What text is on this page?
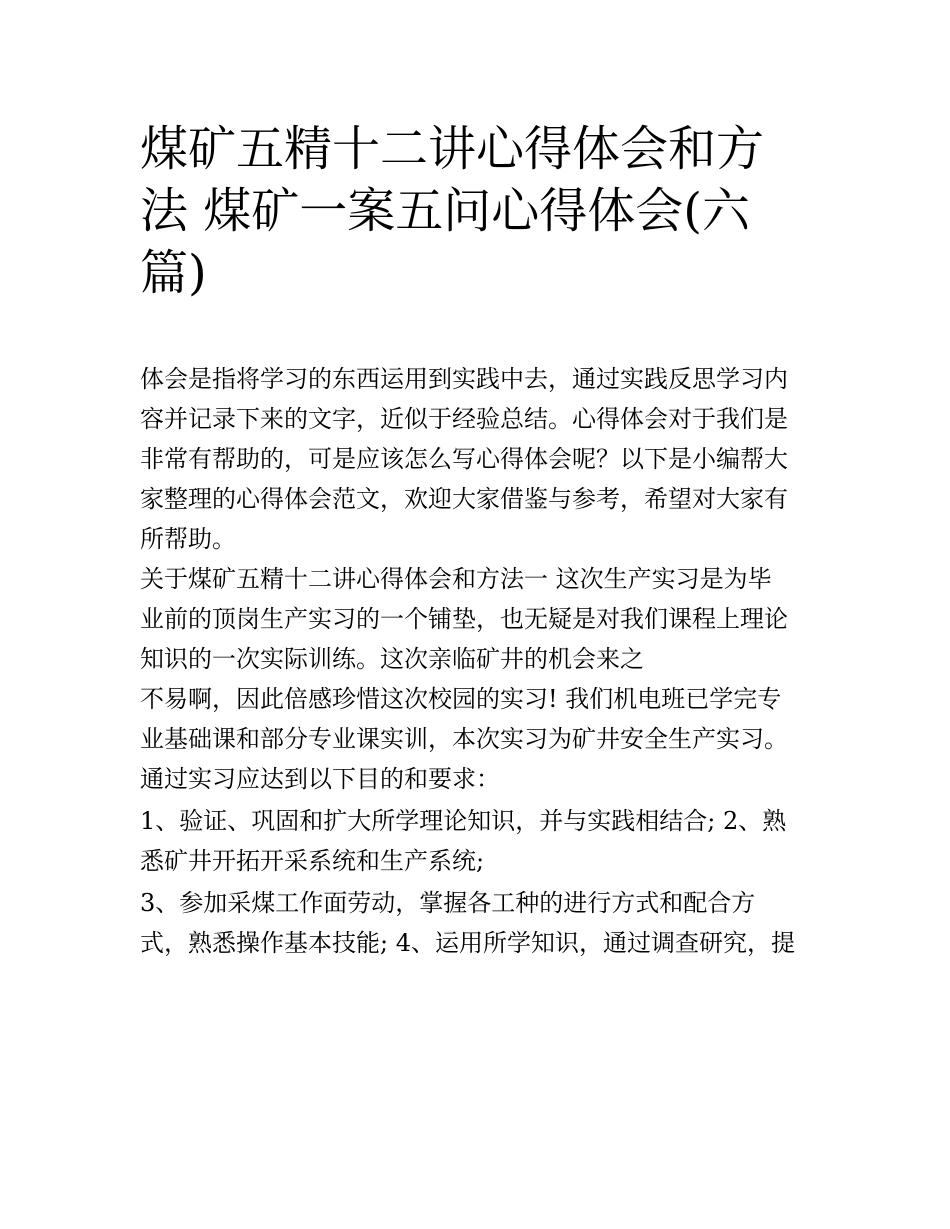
煤矿五精十二讲心得体会和方
法 煤矿一案五问心得体会(六
篇)
体会是指将学习的东西运用到实践中去，通过实践反思学习内
容并记录下来的文字，近似于经验总结。心得体会对于我们是
非常有帮助的，可是应该怎么写心得体会呢？以下是小编帮大
家整理的心得体会范文，欢迎大家借鉴与参考，希望对大家有
所帮助。
关于煤矿五精十二讲心得体会和方法一 这次生产实习是为毕
业前的顶岗生产实习的一个铺垫，也无疑是对我们课程上理论
知识的一次实际训练。这次亲临矿井的机会来之
不易啊，因此倍感珍惜这次校园的实习! 我们机电班已学完专
业基础课和部分专业课实训，本次实习为矿井安全生产实习。
通过实习应达到以下目的和要求：
1、验证、巩固和扩大所学理论知识，并与实践相结合; 2、熟
悉矿井开拓开采系统和生产系统;
3、参加采煤工作面劳动，掌握各工种的进行方式和配合方
式，熟悉操作基本技能; 4、运用所学知识，通过调查研究，提
